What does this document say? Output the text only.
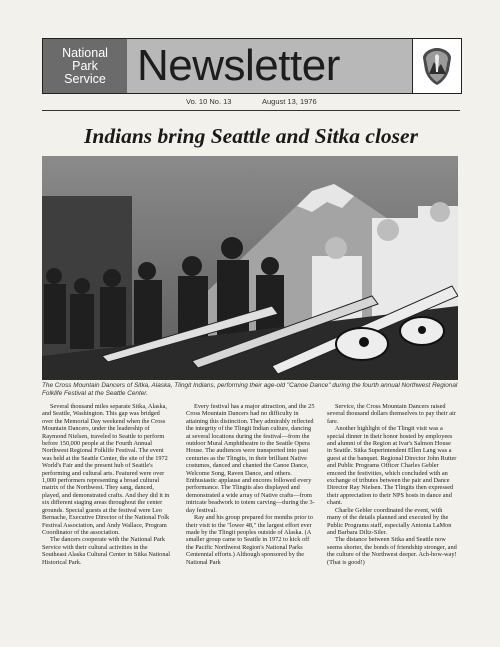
National
Park
Service Newsletter
Vo. 10 No. 13	August 13, 1976
Indians bring Seattle and Sitka closer
The Cross Mountain Dancers of Sitka, Alaska, Tlingit Indians, performing their age-old "Canoe Dance" during the fourth annual Northwest Regional Folklife Festival at the Seattle Center.

Several thousand miles separate Sitka, Alaska, and Seattle, Washington. This gap was bridged over the Memorial Day weekend when the Cross Mountain Dancers, under the leadership of Raymond Nielsen, traveled to Seattle to perform before 150,000 people at the Fourth Annual Northwest Regional Folklife Festival. The event was held at the Seattle Center, the site of the 1972 World's Fair and the present hub of Seattle's performing and cultural arts. Featured were over 1,000 performers representing a broad cultural matrix of the Northwest. They sang, danced, played, and demonstrated crafts. And they did it in six different staging areas throughout the center grounds. Special guests at the festival were Leo Bernache, Executive Director of the National Folk Festival Association, and Andy Wallace, Program Coordinator of the association.

The dancers cooperate with the National Park Service with their cultural activities in the Southeast Alaska Cultural Center in Sitka National Historical Park.

Every festival has a major attraction, and the 25 Cross Mountain Dancers had no difficulty in attaining this distinction. They admirably reflected the integrity of the Tlingit Indian culture, dancing at several locations during the festival—from the outdoor Mural Amphitheatre to the Seattle Opera House. The audiences were transported into past centuries as the Tlingits, in their brilliant Native costumes, danced and chanted the Canoe Dance, Welcome Song, Raven Dance, and others. Enthusiastic applause and encores followed every performance. The Tlingits also displayed and demonstrated a wide array of Native crafts—from intricate beadwork to totem carving—during the 3-day festival.

Ray and his group prepared for months prior to their visit to the "lower 48," the largest effort ever made by the Tlingit peoples outside of Alaska. (A smaller group came to Seattle in 1972 to kick off the Pacific Northwest Region's National Parks Centennial efforts.) Although sponsored by the National Park

Service, the Cross Mountain Dancers raised several thousand dollars themselves to pay their air fare.

Another highlight of the Tlingit visit was a special dinner in their honor hosted by employees and alumni of the Region at Ivar's Salmon House in Seattle. Sitka Superintendent Ellen Lang was a guest at the banquet. Regional Director John Rutter and Public Programs Officer Charles Gebler emceed the festivities, which concluded with an exchange of tributes between the pair and Dance Director Ray Nielsen. The Tlingits then expressed their appreciation to their NPS hosts in dance and chant.

Charlie Gebler coordinated the event, with many of the details planned and executed by the Public Programs staff, especially Antonia LaMon and Barbara Diltz-Siler.

The distance between Sitka and Seattle now seems shorter, the bonds of friendship stronger, and the culture of the Northwest deeper. Ach-how-way! (That is good!)
